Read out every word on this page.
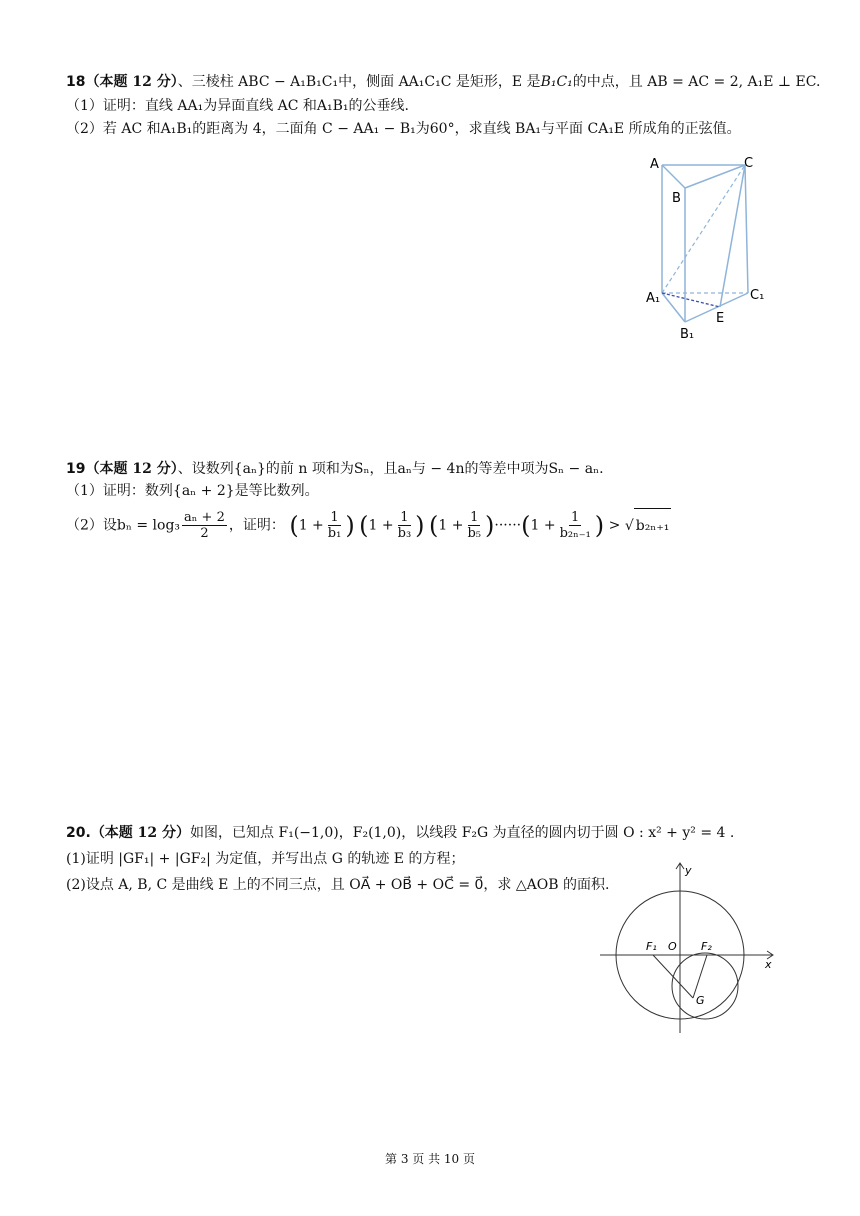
18（本题 12 分）、三棱柱 ABC − A₁B₁C₁中，侧面 AA₁C₁C 是矩形，E 是B₁C₁的中点，且 AB = AC = 2, A₁E ⊥ EC.
（1）证明：直线 AA₁为异面直线 AC 和A₁B₁的公垂线.
（2）若 AC 和A₁B₁的距离为 4，二面角 C − AA₁ − B₁为60°，求直线 BA₁与平面 CA₁E 所成角的正弦值。
A
B
C
A₁
B₁
C₁
E
19（本题 12 分）、设数列{aₙ}的前 n 项和为Sₙ，且aₙ与 − 4n的等差中项为Sₙ − aₙ.
（1）证明：数列{aₙ + 2}是等比数列。
（2）设$b_n = \log_3 \frac{\text{aₙ + 2}}{2}$ ，证明： ($1 + \frac{1}{\text{b₁}}$ ) ($1 + \frac{1}{\text{b₃}}$ ) $(1 + \frac{1}{\text{b₅}} )\cdot\cdot\cdot\cdot\cdot\cdot(1 + \frac{1}{\text{b₂ₙ₋₁}}$ ) > √ b₂ₙ₊₁
20.（本题 12 分）如图，已知点 F₁(−1,0)，F₂(1,0)，以线段 F₂G 为直径的圆内切于圆 O : x² + y² = 4 .
(1)证明 |GF₁| + |GF₂| 为定值，并写出点 G 的轨迹 E 的方程；
(2)设点 A, B, C 是曲线 E 上的不同三点，且 OA⃗ + OB⃗ + OC⃗ = 0⃗，求 △AOB 的面积.
y
x
F₁ O F₂
G
第 3 页 共 10 页
